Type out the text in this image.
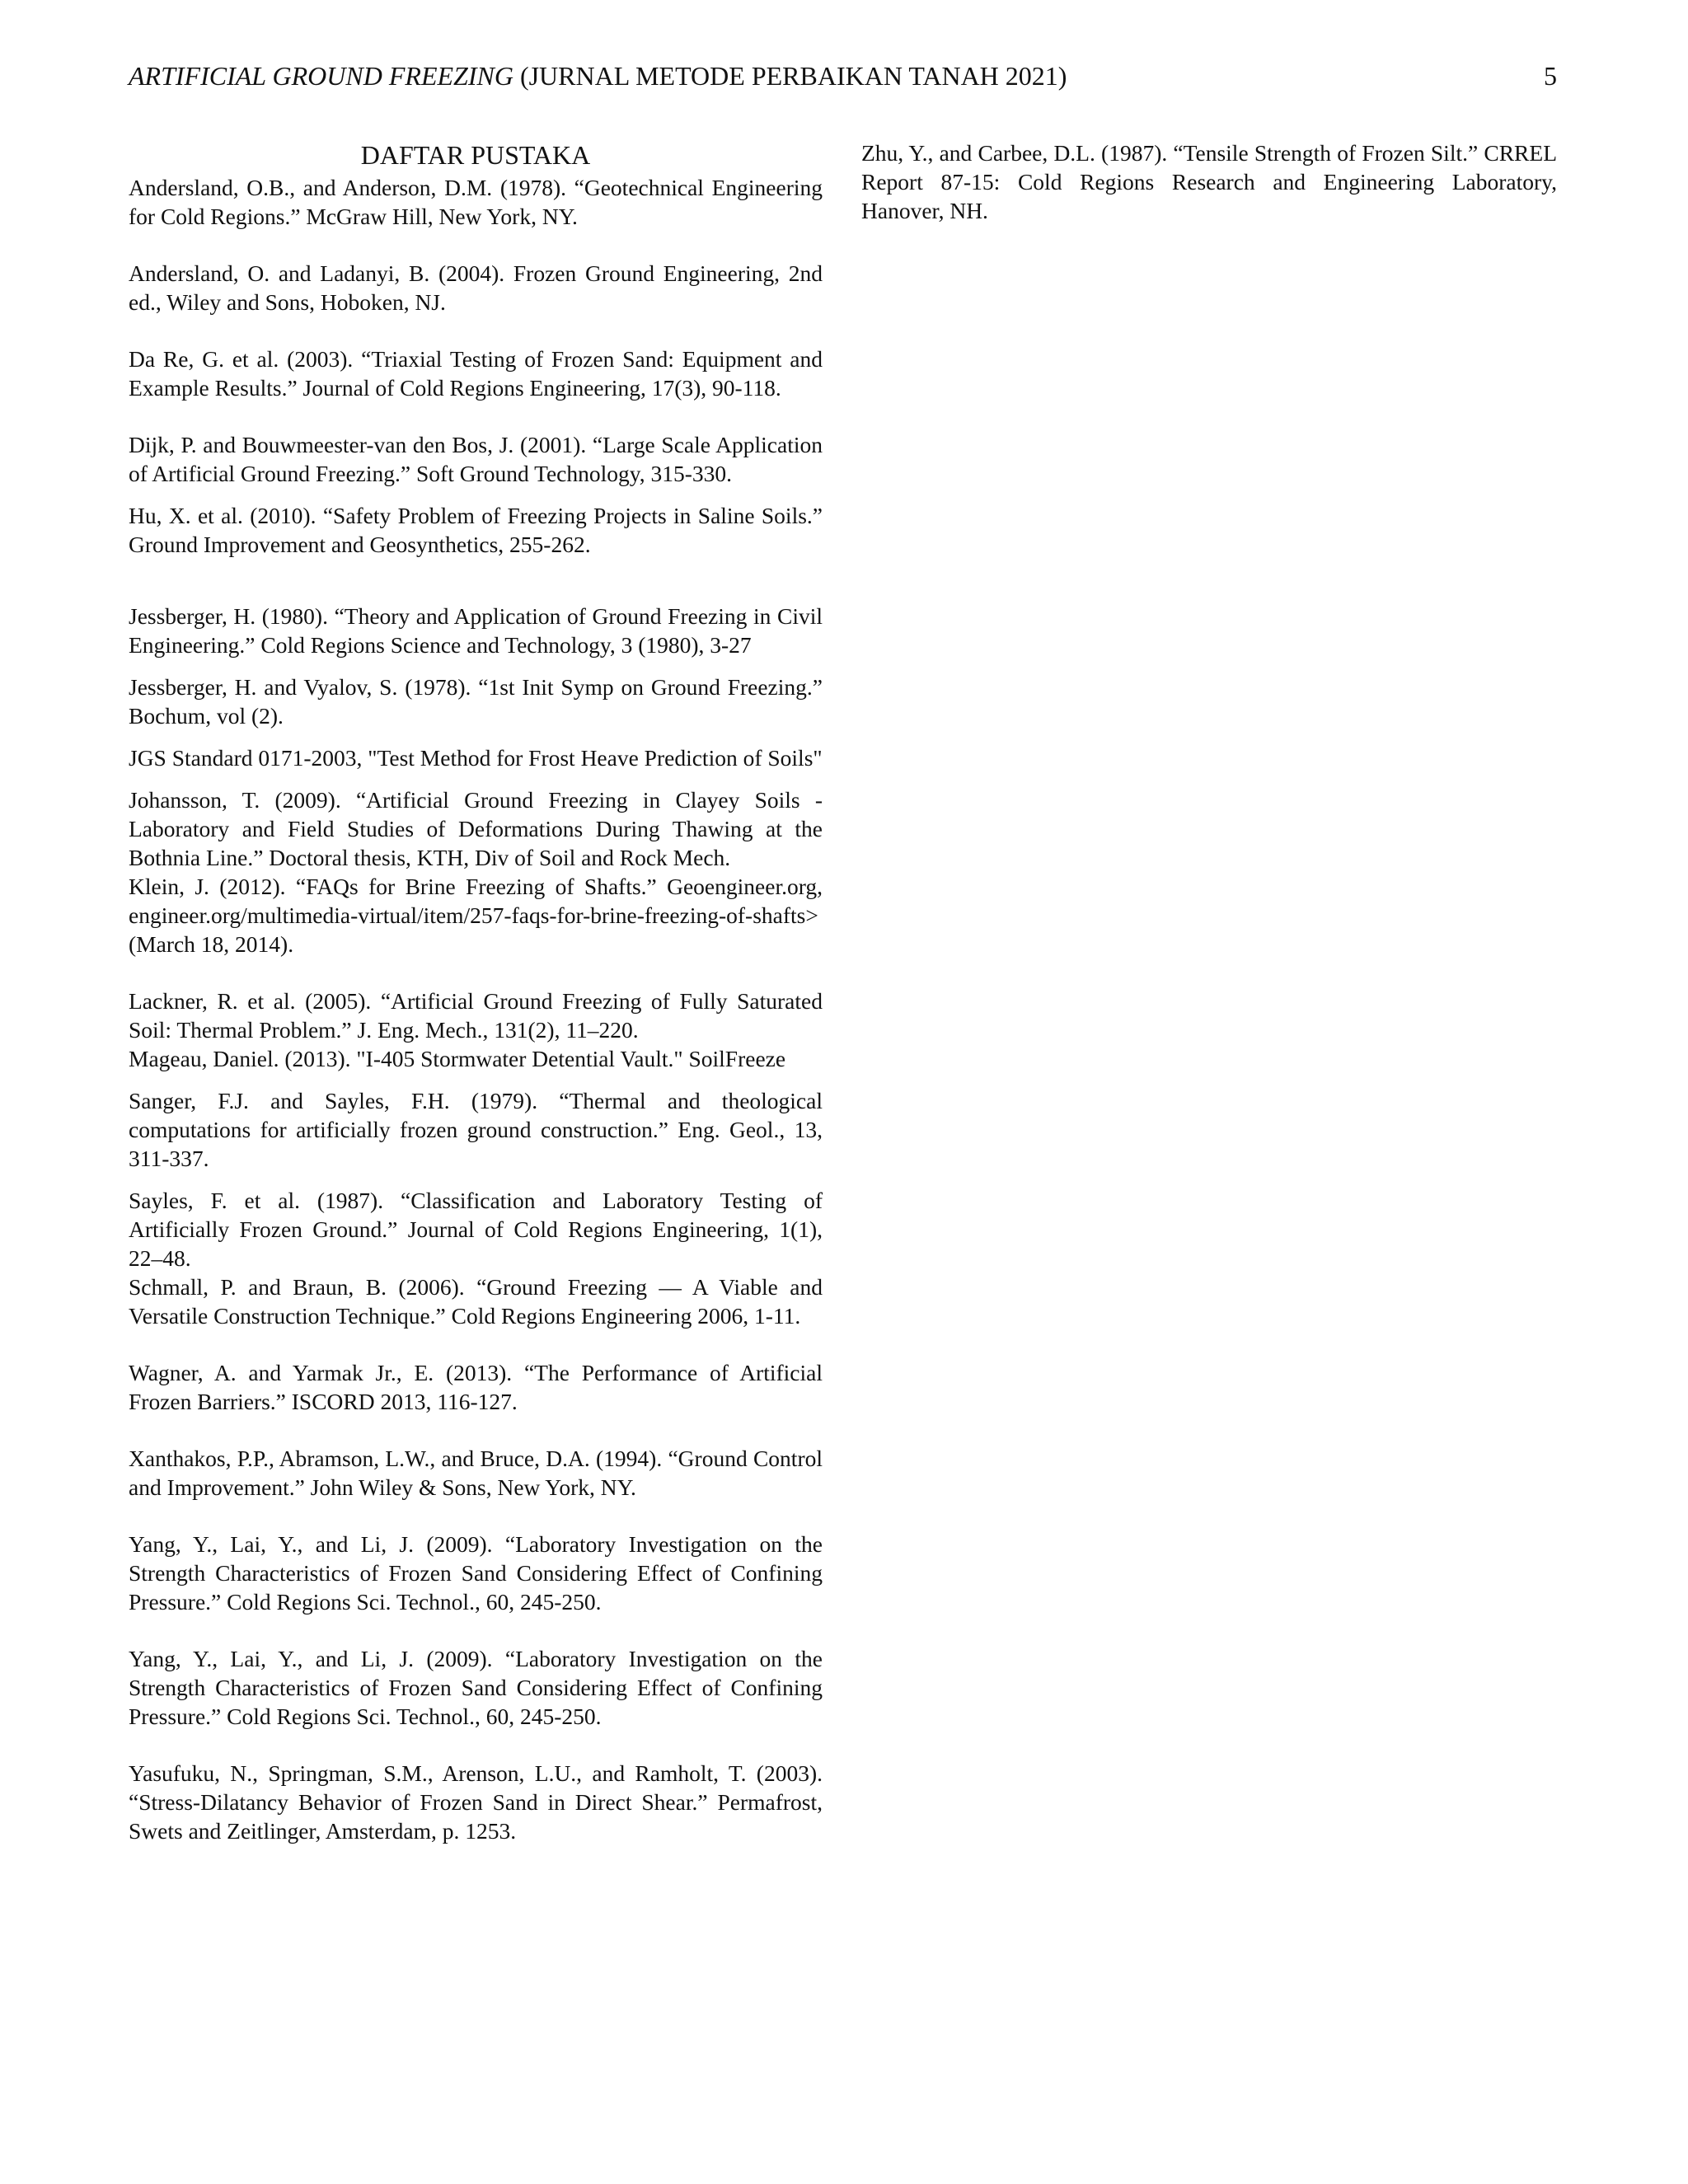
ARTIFICIAL GROUND FREEZING (JURNAL METODE PERBAIKAN TANAH 2021)	5

DAFTAR PUSTAKA

Andersland, O.B., and Anderson, D.M. (1978). “Geotechnical Engineering for Cold Regions.” McGraw Hill, New York, NY.

Andersland, O. and Ladanyi, B. (2004). Frozen Ground Engineering, 2nd ed., Wiley and Sons, Hoboken, NJ.

Da Re, G. et al. (2003). “Triaxial Testing of Frozen Sand: Equipment and Example Results.” Journal of Cold Regions Engineering, 17(3), 90-118.

Dijk, P. and Bouwmeester-van den Bos, J. (2001). “Large Scale Application of Artificial Ground Freezing.” Soft Ground Technology, 315-330.

Hu, X. et al. (2010). “Safety Problem of Freezing Projects in Saline Soils.” Ground Improvement and Geosynthetics, 255-262.

Jessberger, H. (1980). “Theory and Application of Ground Freezing in Civil Engineering.” Cold Regions Science and Technology, 3 (1980), 3-27

Jessberger, H. and Vyalov, S. (1978). “1st Init Symp on Ground Freezing.” Bochum, vol (2).

JGS Standard 0171-2003, "Test Method for Frost Heave Prediction of Soils"

Johansson, T. (2009). “Artificial Ground Freezing in Clayey Soils - Laboratory and Field Studies of Deformations During Thawing at the Bothnia Line.” Doctoral thesis, KTH, Div of Soil and Rock Mech.

Klein, J. (2012). “FAQs for Brine Freezing of Shafts.” Geoengineer.org, engineer.org/multimedia-virtual/item/257-faqs-for-brine-freezing-of-shafts> (March 18, 2014).

Lackner, R. et al. (2005). “Artificial Ground Freezing of Fully Saturated Soil: Thermal Problem.” J. Eng. Mech., 131(2), 11–220.

Mageau, Daniel. (2013). "I-405 Stormwater Detential Vault." SoilFreeze

Sanger, F.J. and Sayles, F.H. (1979). “Thermal and theological computations for artificially frozen ground construction.” Eng. Geol., 13, 311-337.

Sayles, F. et al. (1987). “Classification and Laboratory Testing of Artificially Frozen Ground.” Journal of Cold Regions Engineering, 1(1), 22–48.

Schmall, P. and Braun, B. (2006). “Ground Freezing — A Viable and Versatile Construction Technique.” Cold Regions Engineering 2006, 1-11.

Wagner, A. and Yarmak Jr., E. (2013). “The Performance of Artificial Frozen Barriers.” ISCORD 2013, 116-127.

Xanthakos, P.P., Abramson, L.W., and Bruce, D.A. (1994). “Ground Control and Improvement.” John Wiley & Sons, New York, NY.

Yang, Y., Lai, Y., and Li, J. (2009). “Laboratory Investigation on the Strength Characteristics of Frozen Sand Considering Effect of Confining Pressure.” Cold Regions Sci. Technol., 60, 245-250.

Yang, Y., Lai, Y., and Li, J. (2009). “Laboratory Investigation on the Strength Characteristics of Frozen Sand Considering Effect of Confining Pressure.” Cold Regions Sci. Technol., 60, 245-250.

Yasufuku, N., Springman, S.M., Arenson, L.U., and Ramholt, T. (2003). “Stress-Dilatancy Behavior of Frozen Sand in Direct Shear.” Permafrost, Swets and Zeitlinger, Amsterdam, p. 1253.

Zhu, Y., and Carbee, D.L. (1987). “Tensile Strength of Frozen Silt.” CRREL Report 87-15: Cold Regions Research and Engineering Laboratory, Hanover, NH.
